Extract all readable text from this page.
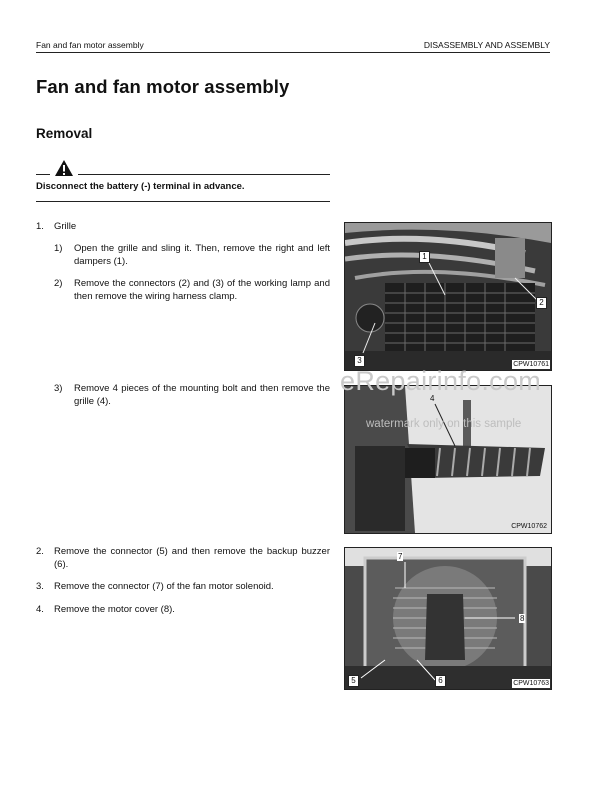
Fan and fan motor assembly	DISASSEMBLY AND ASSEMBLY
Fan and fan motor assembly
Removal
Disconnect the battery (-) terminal in advance.
1. Grille
1) Open the grille and sling it. Then, remove the right and left dampers (1).
2) Remove the connectors (2) and (3) of the working lamp and then remove the wiring harness clamp.
3) Remove 4 pieces of the mounting bolt and then remove the grille (4).
2. Remove the connector (5) and then remove the backup buzzer (6).
3. Remove the connector (7) of the fan motor solenoid.
4. Remove the motor cover (8).
1
2
3	CPW10761
4
CPW10762
7
8
5	6	CPW10763
eRepairinfo.com
watermark only on this sample
